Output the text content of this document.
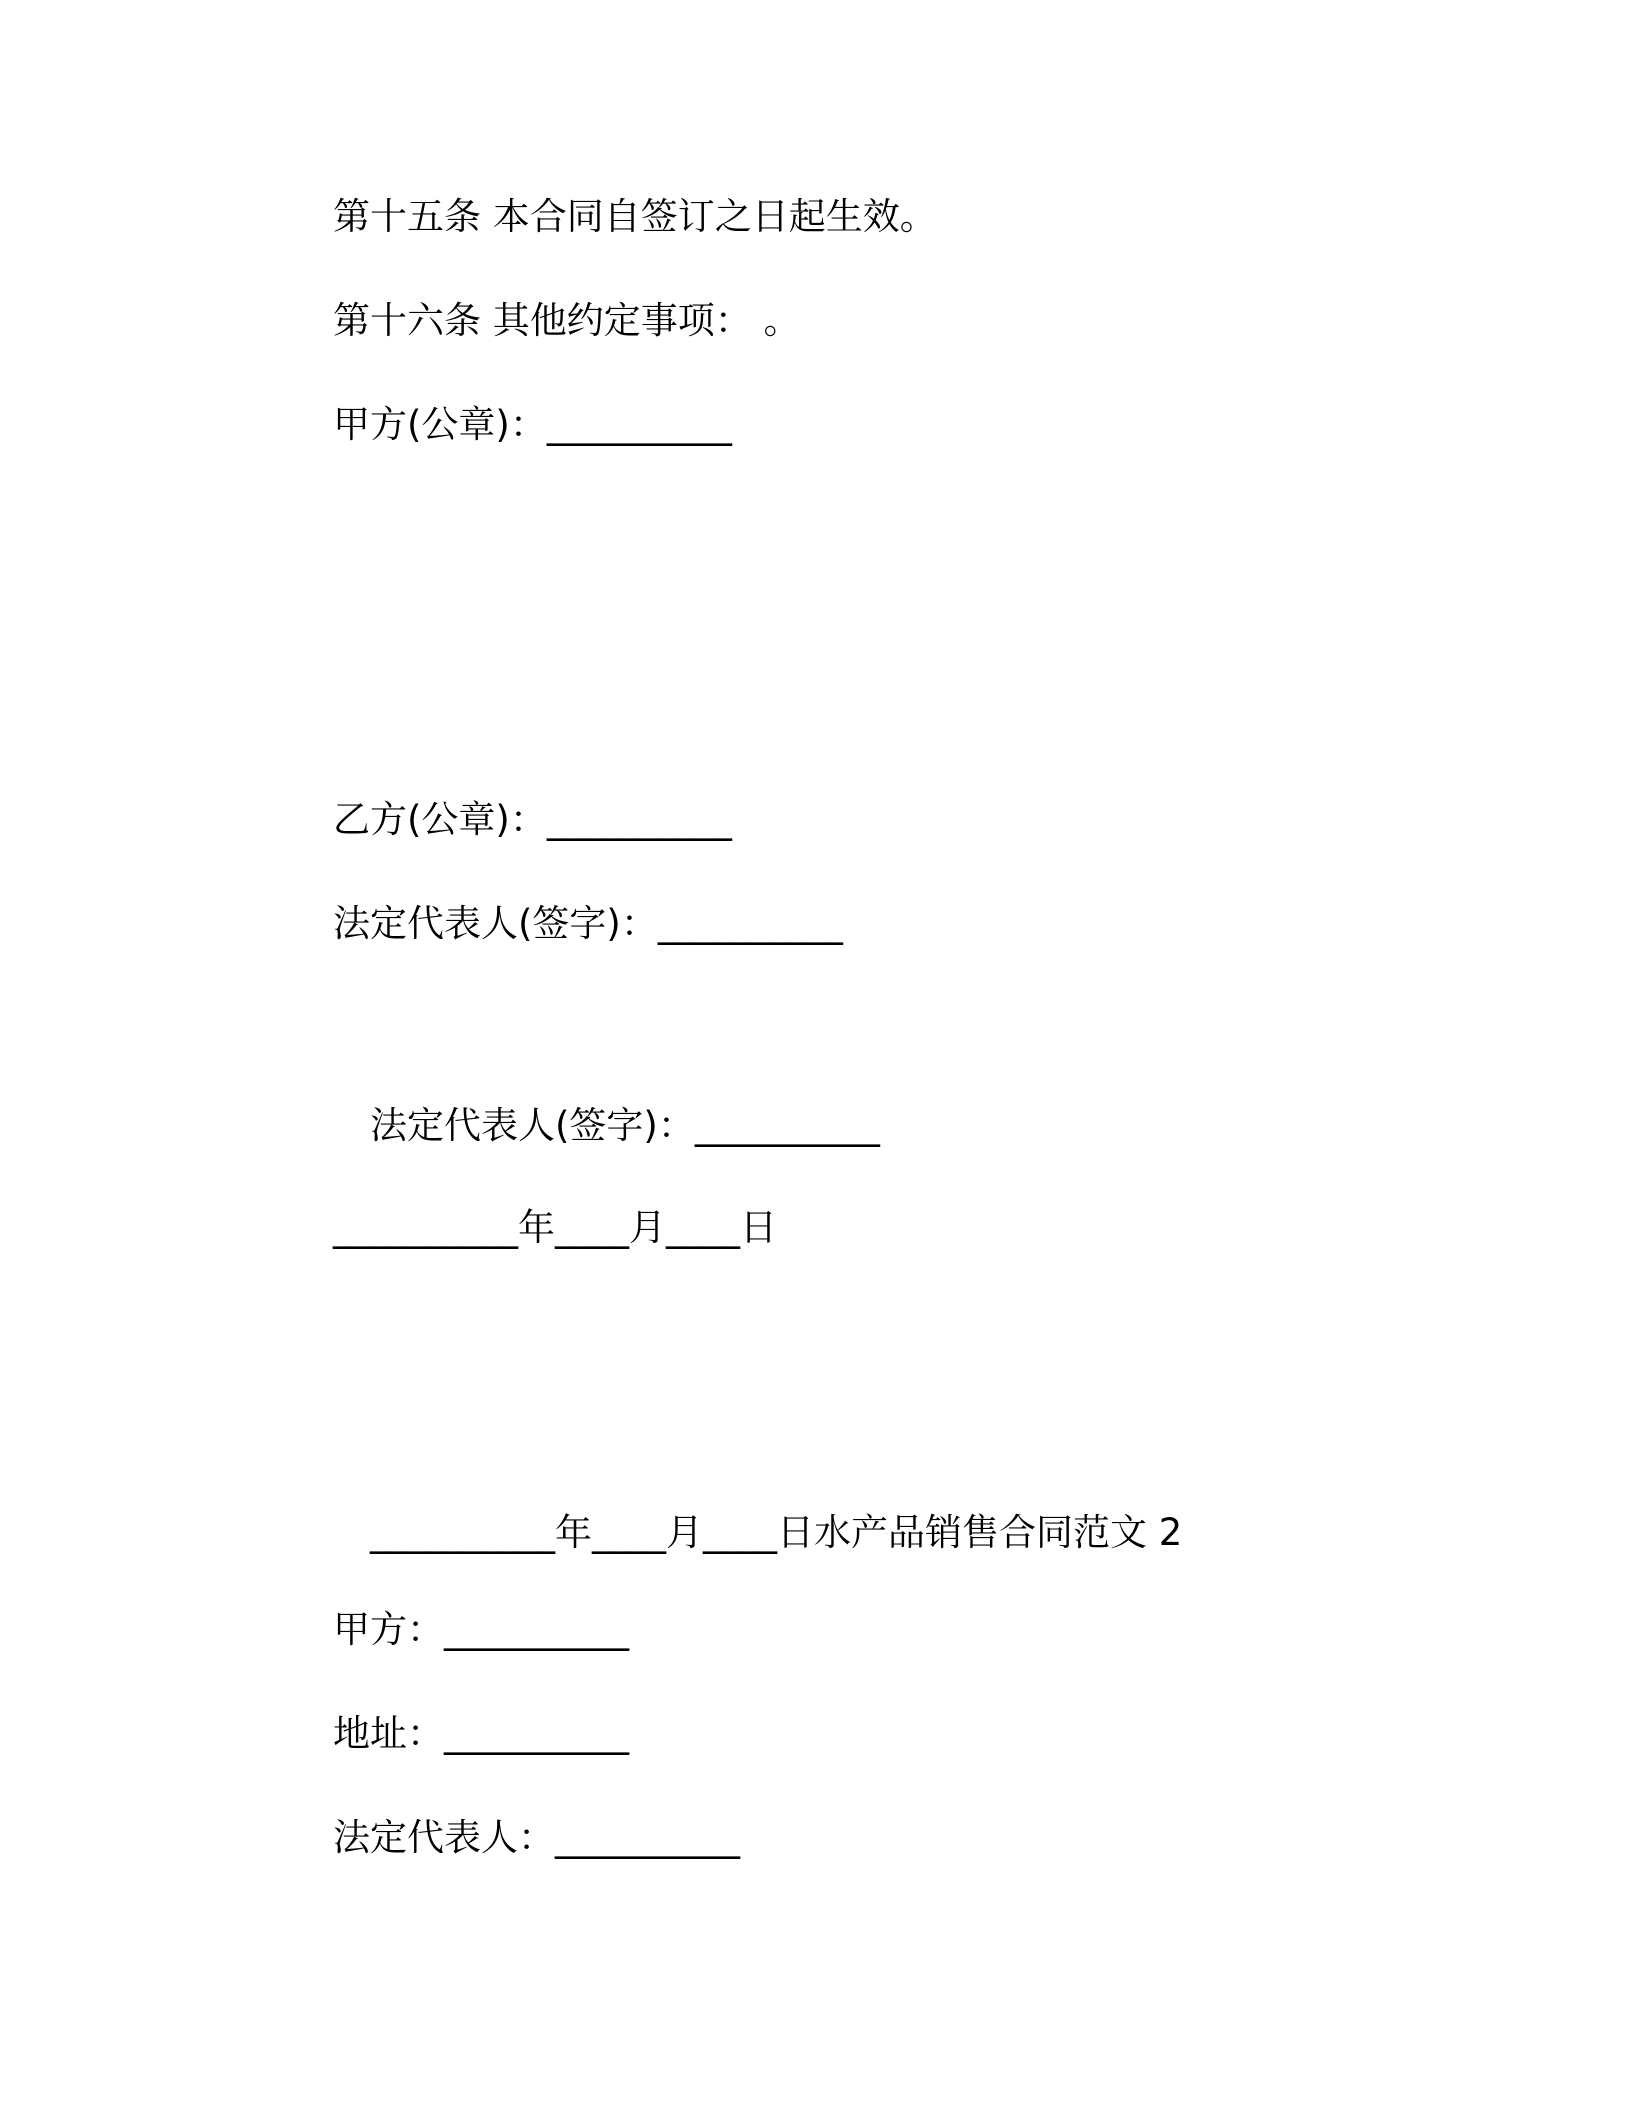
第十五条 本合同自签订之日起生效。
第十六条 其他约定事项： 。
甲方(公章)：__________
乙方(公章)：__________
法定代表人(签字)：__________
法定代表人(签字)：__________
__________年____月____日
__________年____月____日水产品销售合同范文 2
甲方：__________
地址：__________
法定代表人：__________
